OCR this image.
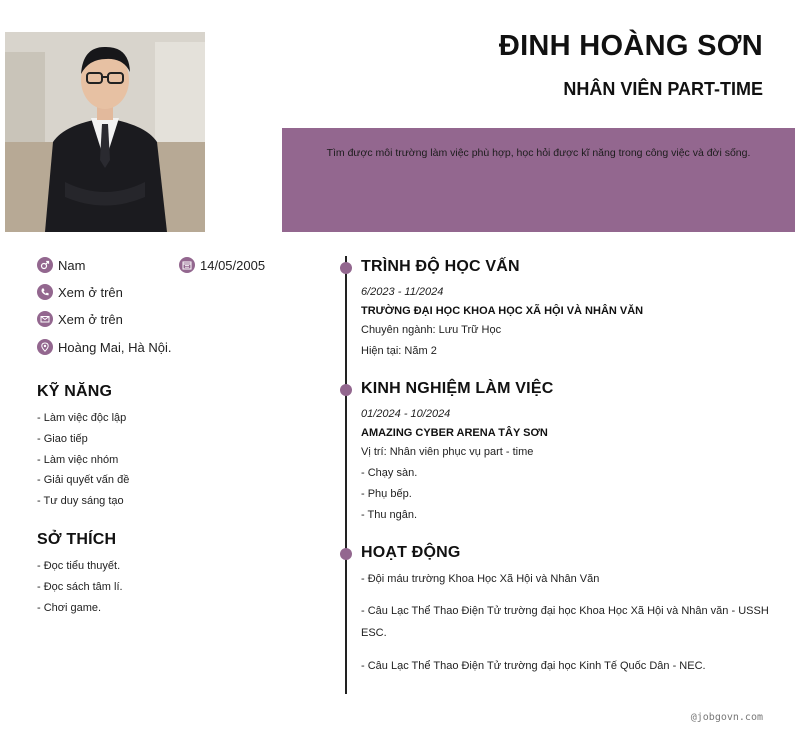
ĐINH HOÀNG SƠN
NHÂN VIÊN PART-TIME

Tìm được môi trường làm việc phù hợp, học hỏi được kĩ năng trong công việc và đời sống.

Nam	14/05/2005
Xem ở trên
Xem ở trên
Hoàng Mai, Hà Nội.
KỸ NĂNG
- Làm việc độc lập
- Giao tiếp
- Làm việc nhóm
- Giải quyết vấn đề
- Tư duy sáng tạo
SỞ THÍCH
- Đọc tiểu thuyết.
- Đọc sách tâm lí.
- Chơi game.
TRÌNH ĐỘ HỌC VẤN
6/2023 - 11/2024
TRƯỜNG ĐẠI HỌC KHOA HỌC XÃ HỘI VÀ NHÂN VĂN
Chuyên ngành: Lưu Trữ Học
Hiện tại: Năm 2
KINH NGHIỆM LÀM VIỆC
01/2024 - 10/2024
AMAZING CYBER ARENA TÂY SƠN
Vị trí: Nhân viên phục vụ part - time
- Chạy sàn.
- Phụ bếp.
- Thu ngân.
HOẠT ĐỘNG
- Đội máu trường Khoa Học Xã Hội và Nhân Văn
- Câu Lạc Thể Thao Điện Tử trường đại học Khoa Học Xã Hội và Nhân văn - USSH
ESC.
- Câu Lạc Thể Thao Điện Tử trường đại học Kinh Tế Quốc Dân - NEC.
@jobgovn.com
